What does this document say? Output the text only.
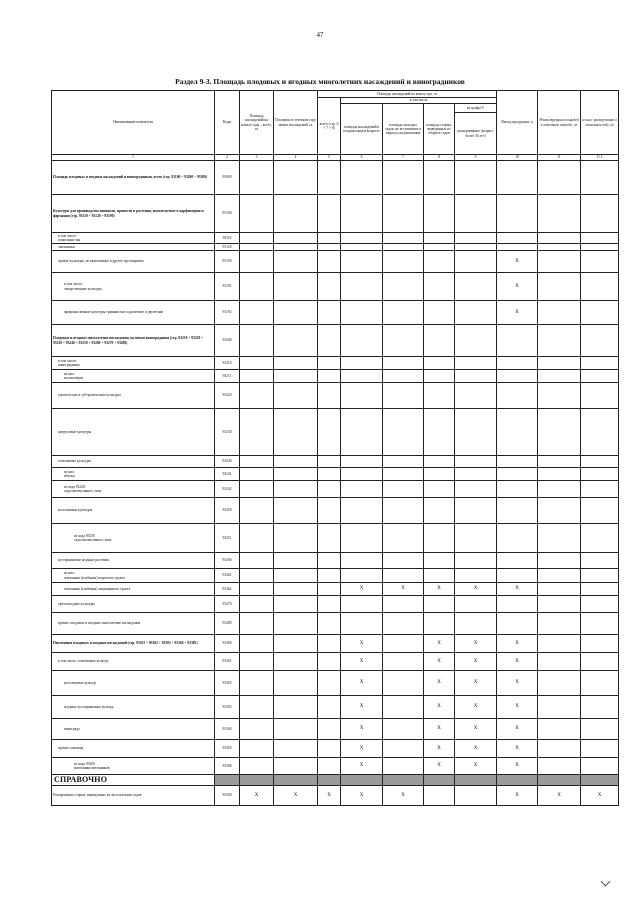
47
Раздел 9-3. Площадь плодовых и ягодных многолетних насаждений и виноградников
Наименование показателя	Коды	Площадь насаждений на начало года – всего, га	Посажено в отчетном году новых насаждений, га	Площадь насаждений на конец года, га					Выход продукции, ц	Реконструкция площадей в отчетном периоде, га	из них: раскорчевано в отчетном году, га
				всего (стр. 6 + 7 + 8)	в том числе						
					площадь насаждений в плодоносящем возрасте	площадь молодых садов, не вступивших в период плодоношения	площадь старых, выведенных из оборота садов	из графы 9:			
								раскорчеванно (возраст более 30 лет)			
1	2	3	4	5	6	7	8	9	10	11	11.1
Площадь плодовых и ягодных насаждений и виноградников, всего (стр. 93100 + 93200 + 93300)	93000										
Культуры для производства напитков, пряности и растения, используемые в парфюмерии и фармации (стр. 93110 + 93120 + 93190)	93100										

в том числе:
плантации чая	93110										
хмельники	93120										
прочие культуры, не включенные в другие группировки	93190								X		

в том числе:
лекарственные культуры	93191								X		
эфиромасличные культуры травянистые однолетние и двулетние	93192								X		
Плодовые и ягодные многолетние насаждения, включая виноградники (стр. 93210 + 93220 + 93230 + 93240 + 93250 + 93260 + 93270 + 93280)	93200										

в том числе:
виноградники	93210										

из них:
на шпалерах	93211										
тропические и субтропические культуры	93220										
цитрусовые культуры	93230										
семечковые культуры	93240										

из них:
яблоки	93241										

из кода 93240:
сады интенсивного типа	93242										
косточковые культуры	93250										

из кода 93250
сады интенсивного типа	93251										
кустарниковые ягодные растения	93260										

из них:
земляника (клубника) открытого грунта	93261										
земляника (клубника) защищенного грунта	93262				X	X	X	X	X		
орехоплодные культуры	93270										
прочие плодовые и ягодные многолетние насаждения	93280										
Питомники плодовых и ягодных насаждений (стр. 93301 + 93302 + 93303 + 93304 + 93305)	93300				X		X	X	X		
в том числе: семечковых культур	93301				X		X	X	X		
косточковых культур	93302				X		X	X	X		
ягодных кустарниковых культур	93303				X		X	X	X		
винограда	93304				X		X	X	X		
прочие саженцы	93305				X		X	X	X		

из кода 93300
маточники питомников	93306				X		X	X	X		
СПРАВОЧНО											
Раскорчевано старых, выведенных из эксплуатации садов	93500	X	X	X	X	X			X	X	X
